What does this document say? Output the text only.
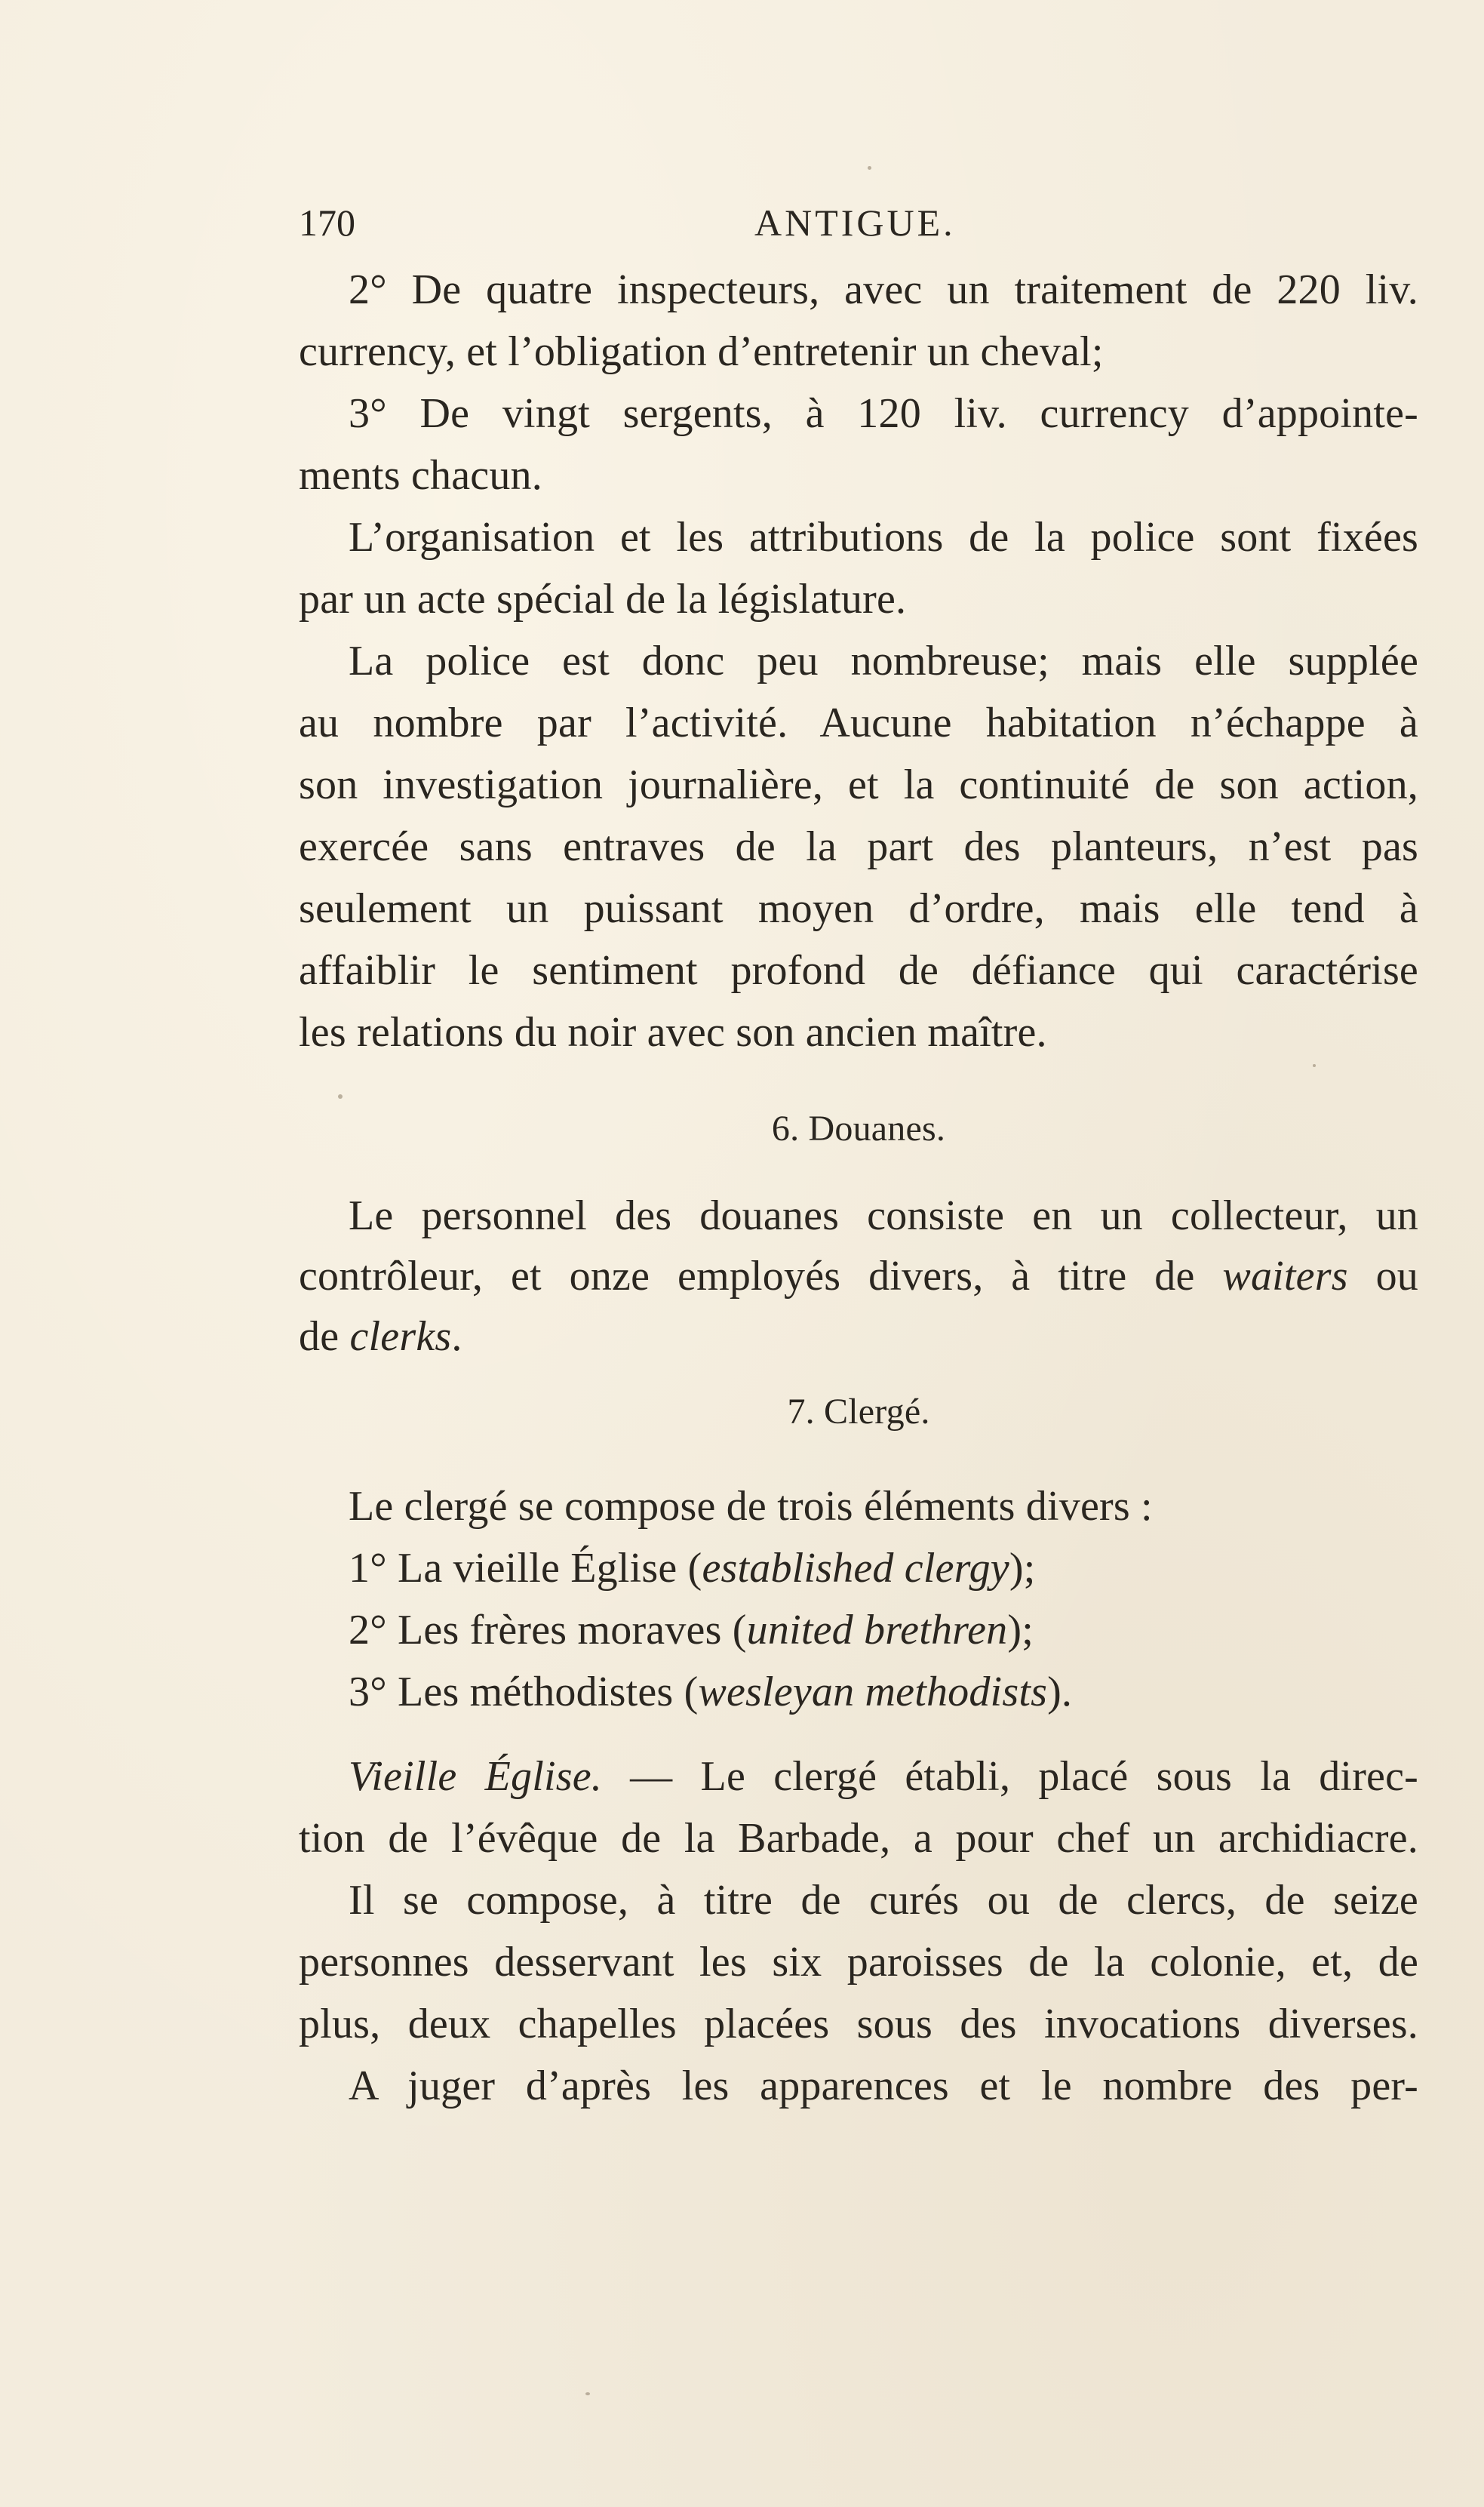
170	ANTIGUE.
2° De quatre inspecteurs, avec un traitement de 220 liv.
currency, et l’obligation d’entretenir un cheval;
3° De vingt sergents, à 120 liv. currency d’appointe-
ments chacun.
L’organisation et les attributions de la police sont fixées
par un acte spécial de la législature.
La police est donc peu nombreuse; mais elle supplée
au nombre par l’activité. Aucune habitation n’échappe à
son investigation journalière, et la continuité de son action,
exercée sans entraves de la part des planteurs, n’est pas
seulement un puissant moyen d’ordre, mais elle tend à
affaiblir le sentiment profond de défiance qui caractérise
les relations du noir avec son ancien maître.
6. Douanes.
Le personnel des douanes consiste en un collecteur, un
contrôleur, et onze employés divers, à titre de waiters ou
de clerks.
7. Clergé.
Le clergé se compose de trois éléments divers :
1° La vieille Église (established clergy);
2° Les frères moraves (united brethren);
3° Les méthodistes (wesleyan methodists).
Vieille Église. — Le clergé établi, placé sous la direc-
tion de l’évêque de la Barbade, a pour chef un archidiacre.
Il se compose, à titre de curés ou de clercs, de seize
personnes desservant les six paroisses de la colonie, et, de
plus, deux chapelles placées sous des invocations diverses.
A juger d’après les apparences et le nombre des per-
